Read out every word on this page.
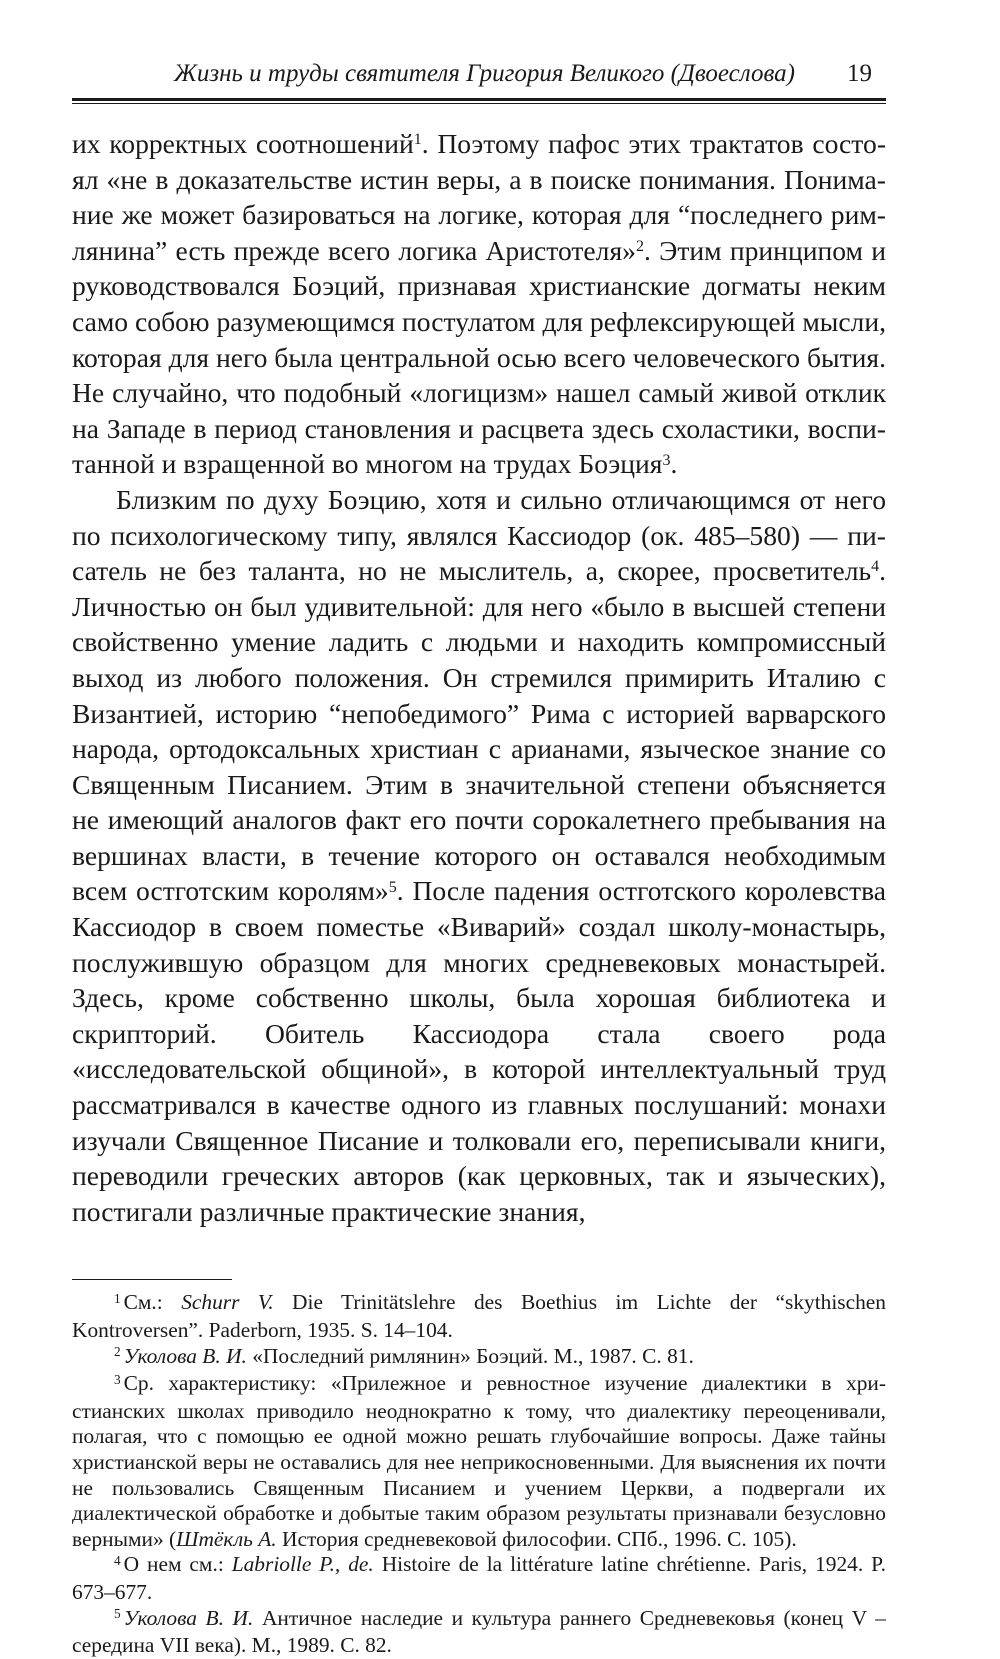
Жизнь и труды святителя Григория Великого (Двоеслова) 19

их корректных соотношений$^1$. Поэтому пафос этих трактатов состоял «не в доказательстве истин веры, а в поиске понимания. Понимание же может базироваться на логике, которая для “последнего римлянина” есть прежде всего логика Аристотеля»$^2$. Этим принципом и руководствовался Боэций, признавая христианские догматы неким само собою разумеющимся постулатом для рефлексирующей мысли, которая для него была центральной осью всего человеческого бытия. Не случайно, что подобный «логицизм» нашел самый живой отклик на Западе в период становления и расцвета здесь схоластики, воспитанной и взращенной во многом на трудах Боэция$^3$.

Близким по духу Боэцию, хотя и сильно отличающимся от него по психологическому типу, являлся Кассиодор (ок. 485–580) — писатель не без таланта, но не мыслитель, а, скорее, просветитель$^4$. Личностью он был удивительной: для него «было в высшей степени свойственно умение ладить с людьми и находить компромиссный выход из любого положения. Он стремился примирить Италию с Византией, историю “непобедимого” Рима с историей варварского народа, ортодоксальных христиан с арианами, языческое знание со Священным Писанием. Этим в значительной степени объясняется не имеющий аналогов факт его почти сорокалетнего пребывания на вершинах власти, в течение которого он оставался необходимым всем остготским королям»$^5$. После падения остготского королевства Кассиодор в своем поместье «Виварий» создал школу-монастырь, послужившую образцом для многих средневековых монастырей. Здесь, кроме собственно школы, была хорошая библиотека и скрипторий. Обитель Кассиодора стала своего рода «исследовательской общиной», в которой интеллектуальный труд рассматривался в качестве одного из главных послушаний: монахи изучали Священное Писание и толковали его, переписывали книги, переводили греческих авторов (как церковных, так и языческих), постигали различные практические знания,

$^1$ См.: Schurr V. Die Trinitätslehre des Boethius im Lichte der “skythischen Kontroversen”. Paderborn, 1935. S. 14–104.

$^2$ Уколова В. И. «Последний римлянин» Боэций. М., 1987. С. 81.

$^3$ Ср. характеристику: «Прилежное и ревностное изучение диалектики в христианских школах приводило неоднократно к тому, что диалектику переоценивали, полагая, что с помощью ее одной можно решать глубочайшие вопросы. Даже тайны христианской веры не оставались для нее неприкосновенными. Для выяснения их почти не пользовались Священным Писанием и учением Церкви, а подвергали их диалектической обработке и добытые таким образом результаты признавали безусловно верными» (Штёкль А. История средневековой философии. СПб., 1996. С. 105).

$^4$ О нем см.: Labriolle P., de. Histoire de la littérature latine chrétienne. Paris, 1924. P. 673–677.

$^5$ Уколова В. И. Античное наследие и культура раннего Средневековья (конец V – середина VII века). М., 1989. С. 82.
